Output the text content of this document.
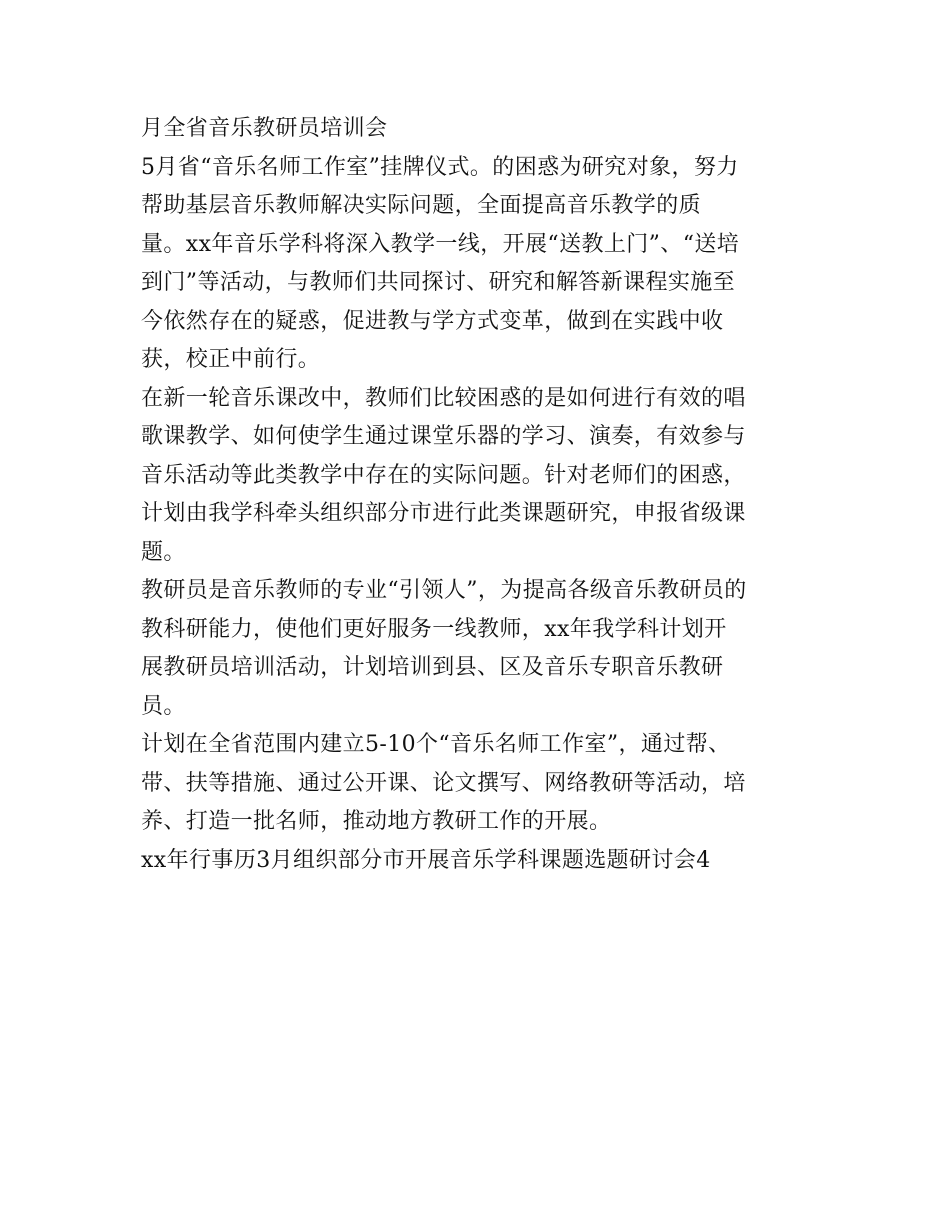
月全省音乐教研员培训会
5月省“音乐名师工作室”挂牌仪式。的困惑为研究对象，努力
帮助基层音乐教师解决实际问题，全面提高音乐教学的质
量。xx年音乐学科将深入教学一线，开展“送教上门”、“送培
到门”等活动，与教师们共同探讨、研究和解答新课程实施至
今依然存在的疑惑，促进教与学方式变革，做到在实践中收
获，校正中前行。
在新一轮音乐课改中，教师们比较困惑的是如何进行有效的唱
歌课教学、如何使学生通过课堂乐器的学习、演奏，有效参与
音乐活动等此类教学中存在的实际问题。针对老师们的困惑，
计划由我学科牵头组织部分市进行此类课题研究，申报省级课
题。
教研员是音乐教师的专业“引领人”，为提高各级音乐教研员的
教科研能力，使他们更好服务一线教师，xx年我学科计划开
展教研员培训活动，计划培训到县、区及音乐专职音乐教研
员。
计划在全省范围内建立5-10个“音乐名师工作室”，通过帮、
带、扶等措施、通过公开课、论文撰写、网络教研等活动，培
养、打造一批名师，推动地方教研工作的开展。
xx年行事历3月组织部分市开展音乐学科课题选题研讨会4
